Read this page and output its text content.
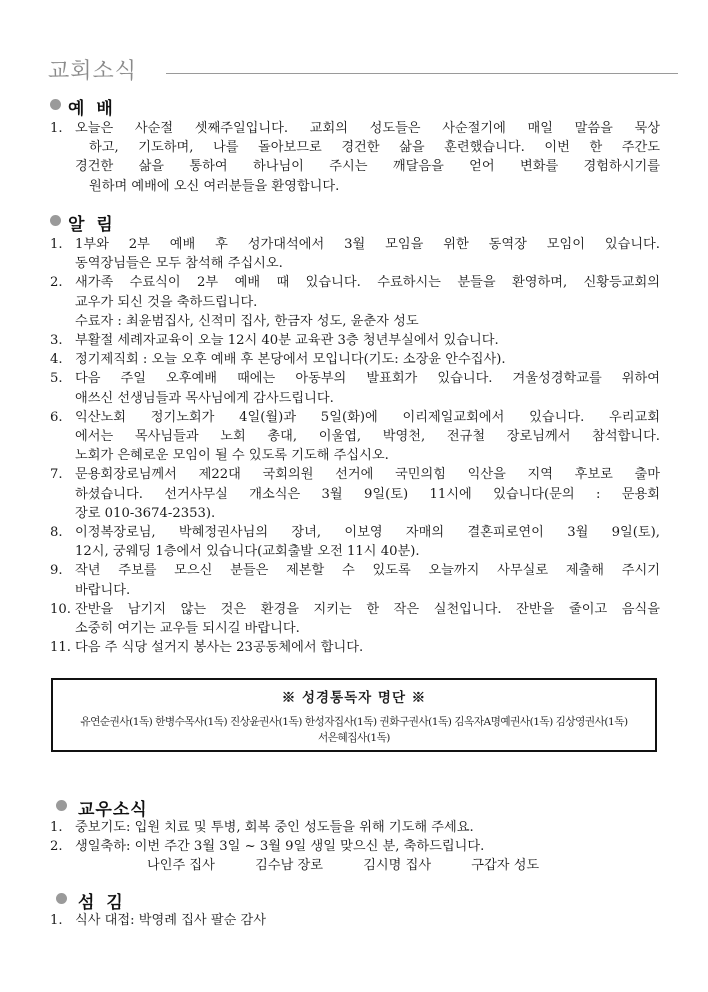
교회소식
예 배
1. 오늘은 사순절 셋째주일입니다. 교회의 성도들은 사순절기에 매일 말씀을 묵상
하고, 기도하며, 나를 돌아보므로 경건한 삶을 훈련했습니다. 이번 한 주간도
경건한 삶을 통하여 하나님이 주시는 깨달음을 얻어 변화를 경험하시기를
원하며 예배에 오신 여러분들을 환영합니다.
알 림
1. 1부와 2부 예배 후 성가대석에서 3월 모임을 위한 동역장 모임이 있습니다.
동역장님들은 모두 참석해 주십시오.
2. 새가족 수료식이 2부 예배 때 있습니다. 수료하시는 분들을 환영하며, 신황등교회의
교우가 되신 것을 축하드립니다.
수료자 : 최윤범집사, 신적미 집사, 한금자 성도, 윤춘자 성도
3. 부활절 세례자교육이 오늘 12시 40분 교육관 3층 청년부실에서 있습니다.
4. 정기제직회 : 오늘 오후 예배 후 본당에서 모입니다(기도: 소장윤 안수집사).
5. 다음 주일 오후예배 때에는 아동부의 발표회가 있습니다. 겨울성경학교를 위하여
애쓰신 선생님들과 목사님에게 감사드립니다.
6. 익산노회 정기노회가 4일(월)과 5일(화)에 이리제일교회에서 있습니다. 우리교회
에서는 목사님들과 노회 총대, 이울엽, 박영천, 전규철 장로님께서 참석합니다.
노회가 은혜로운 모임이 될 수 있도록 기도해 주십시오.
7. 문용회장로님께서 제22대 국회의원 선거에 국민의힘 익산을 지역 후보로 출마
하셨습니다. 선거사무실 개소식은 3월 9일(토) 11시에 있습니다(문의 : 문용회
장로 010-3674-2353).
8. 이정복장로님, 박혜정권사님의 장녀, 이보영 자매의 결혼피로연이 3월 9일(토),
12시, 궁웨딩 1층에서 있습니다(교회출발 오전 11시 40분).
9. 작년 주보를 모으신 분들은 제본할 수 있도록 오늘까지 사무실로 제출해 주시기
바랍니다.
10. 잔반을 남기지 않는 것은 환경을 지키는 한 작은 실천입니다. 잔반을 줄이고 음식을
소중히 여기는 교우들 되시길 바랍니다.
11. 다음 주 식당 설거지 봉사는 23공동체에서 합니다.
※ 성경통독자 명단 ※
유연순권사(1독) 한병수목사(1독) 진상윤권사(1독) 한성자집사(1독) 권화구권사(1독) 김옥자A명예권사(1독) 김상영권사(1독)
서은혜집사(1독)
교우소식
1. 중보기도: 입원 치료 및 투병, 회복 중인 성도들을 위해 기도해 주세요.
2. 생일축하: 이번 주간 3월 3일 ~ 3월 9일 생일 맞으신 분, 축하드립니다.
나인주 집사	김수남 장로	김시명 집사	구갑자 성도
섬 김
1. 식사 대접: 박영례 집사 팔순 감사
